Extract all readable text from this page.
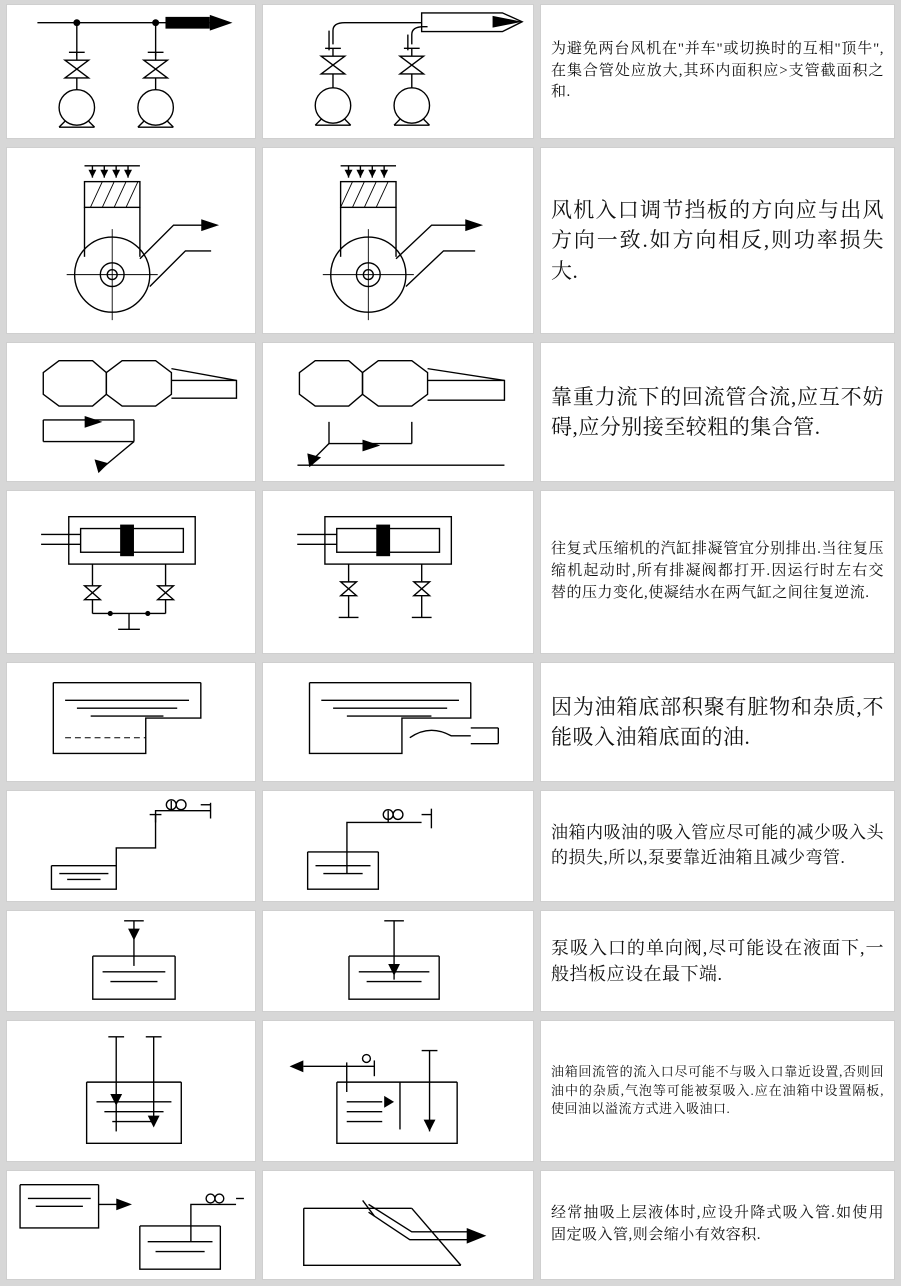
为避免两台风机在"并车"或切换时的互相"顶牛",在集合管处应放大,其环内面积应>支管截面积之和.
风机入口调节挡板的方向应与出风方向一致.如方向相反,则功率损失大.
靠重力流下的回流管合流,应互不妨碍,应分别接至较粗的集合管.
往复式压缩机的汽缸排凝管宜分别排出.当往复压缩机起动时,所有排凝阀都打开.因运行时左右交替的压力变化,使凝结水在两气缸之间往复逆流.
因为油箱底部积聚有脏物和杂质,不能吸入油箱底面的油.
油箱内吸油的吸入管应尽可能的减少吸入头的损失,所以,泵要靠近油箱且减少弯管.
泵吸入口的单向阀,尽可能设在液面下,一般挡板应设在最下端.
油箱回流管的流入口尽可能不与吸入口靠近设置,否则回油中的杂质,气泡等可能被泵吸入.应在油箱中设置隔板,使回油以溢流方式进入吸油口.
经常抽吸上层液体时,应设升降式吸入管.如使用固定吸入管,则会缩小有效容积.
